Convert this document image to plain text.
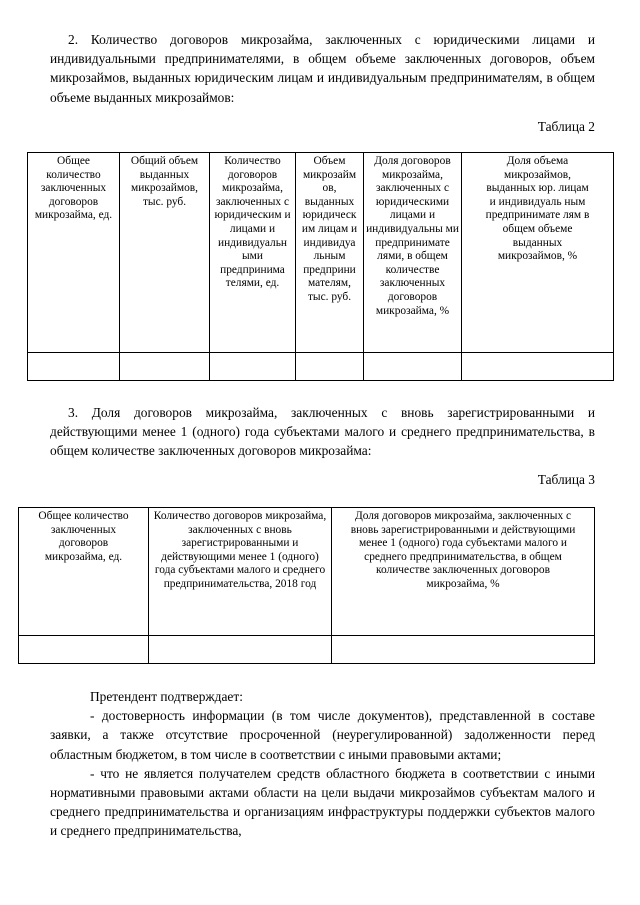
2. Количество договоров микрозайма, заключенных с юридическими лицами и индивидуальными предпринимателями, в общем объеме заключенных договоров, объем микрозаймов, выданных юридическим лицам и индивидуальным предпринимателям, в общем объеме выданных микрозаймов:
Таблица 2
Общее количество заключенных договоров микрозайма, ед.	Общий объем выданных микрозаймов, тыс. руб.	Количество договоров микрозайма, заключенных с юридическим и лицами и индивидуальн ыми предпринима телями, ед.	Объем микрозайм ов, выданных юридическ им лицам и индивидуа льным предприни мателям, тыс. руб.	Доля договоров микрозайма, заключенных с юридическими лицами и индивидуальны ми предпринимате лями, в общем количестве заключенных договоров микрозайма, %	Доля объема микрозаймов, выданных юр. лицам и индивидуаль ным предпринимате лям в общем объеме выданных микрозаймов, %

3. Доля договоров микрозайма, заключенных с вновь зарегистрированными и действующими менее 1 (одного) года субъектами малого и среднего предпринимательства, в общем количестве заключенных договоров микрозайма:
Таблица 3
Общее количество заключенных договоров микрозайма, ед.	Количество договоров микрозайма, заключенных с вновь зарегистрированными и действующими менее 1 (одного) года субъектами малого и среднего предпринимательства, 2018 год	Доля договоров микрозайма, заключенных с вновь зарегистрированными и действующими менее 1 (одного) года субъектами малого и среднего предпринимательства, в общем количестве заключенных договоров микрозайма, %

Претендент подтверждает:
- достоверность информации (в том числе документов), представленной в составе заявки, а также отсутствие просроченной (неурегулированной) задолженности перед областным бюджетом, в том числе в соответствии с иными правовыми актами;
- что не является получателем средств областного бюджета в соответствии с иными нормативными правовыми актами области на цели выдачи микрозаймов субъектам малого и среднего предпринимательства и организациям инфраструктуры поддержки субъектов малого и среднего предпринимательства,
